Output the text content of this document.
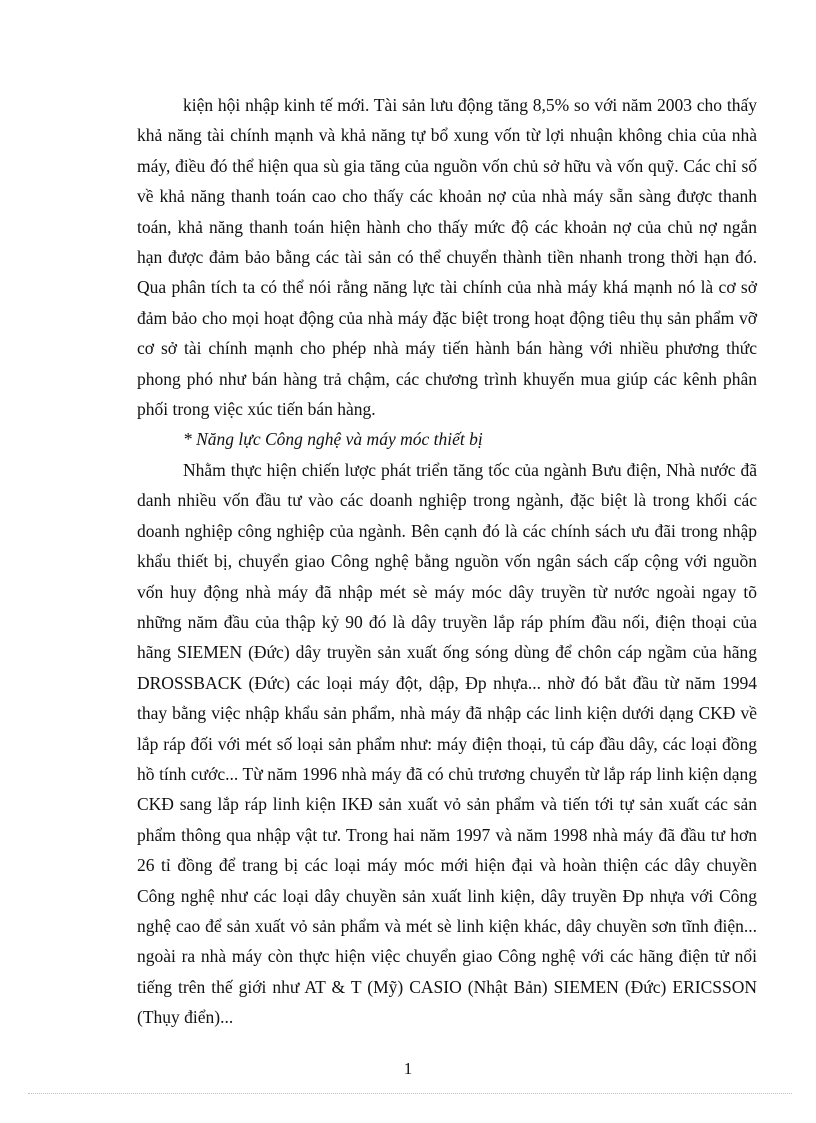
kiện hội nhập kinh tế mới. Tài sản lưu động tăng 8,5% so với năm 2003 cho thấy khả năng tài chính mạnh và khả năng tự bổ xung vốn từ lợi nhuận không chia của nhà máy, điều đó thể hiện qua sù gia tăng của nguồn vốn chủ sở hữu và vốn quỹ. Các chỉ số về khả năng thanh toán cao cho thấy các khoản nợ của nhà máy sẵn sàng được thanh toán, khả năng thanh toán hiện hành cho thấy mức độ các khoản nợ của chủ nợ ngắn hạn được đảm bảo bằng các tài sản có thể chuyển thành tiền nhanh trong thời hạn đó. Qua phân tích ta có thể nói rằng năng lực tài chính của nhà máy khá mạnh nó là cơ sở đảm bảo cho mọi hoạt động của nhà máy đặc biệt trong hoạt động tiêu thụ sản phẩm vỡ cơ sở tài chính mạnh cho phép nhà máy tiến hành bán hàng với nhiều phương thức phong phó như bán hàng trả chậm, các chương trình khuyến mua giúp các kênh phân phối trong việc xúc tiến bán hàng.

* Năng lực Công nghệ và máy móc thiết bị

Nhằm thực hiện chiến lược phát triển tăng tốc của ngành Bưu điện, Nhà nước đã danh nhiều vốn đầu tư vào các doanh nghiệp trong ngành, đặc biệt là trong khối các doanh nghiệp công nghiệp của ngành. Bên cạnh đó là các chính sách ưu đãi trong nhập khẩu thiết bị, chuyển giao Công nghệ bằng nguồn vốn ngân sách cấp cộng với nguồn vốn huy động nhà máy đã nhập mét sè máy móc dây truyền từ nước ngoài ngay tõ những năm đầu của thập kỷ 90 đó là dây truyền lắp ráp phím đầu nối, điện thoại của hãng SIEMEN (Đức) dây truyền sản xuất ống sóng dùng để chôn cáp ngầm của hãng DROSSBACK (Đức) các loại máy đột, dập, Ðp nhựa... nhờ đó bắt đầu từ năm 1994 thay bằng việc nhập khẩu sản phẩm, nhà máy đã nhập các linh kiện dưới dạng CKĐ về lắp ráp đối với mét số loại sản phẩm như: máy điện thoại, tủ cáp đầu dây, các loại đồng hồ tính cước... Từ năm 1996 nhà máy đã có chủ trương chuyển từ lắp ráp linh kiện dạng CKĐ sang lắp ráp linh kiện IKĐ sản xuất vỏ sản phẩm và tiến tới tự sản xuất các sản phẩm thông qua nhập vật tư. Trong hai năm 1997 và năm 1998 nhà máy đã đầu tư hơn 26 tỉ đồng để trang bị các loại máy móc mới hiện đại và hoàn thiện các dây chuyền Công nghệ như các loại dây chuyền sản xuất linh kiện, dây truyền Ðp nhựa với Công nghệ cao để sản xuất vỏ sản phẩm và mét sè linh kiện khác, dây chuyền sơn tĩnh điện... ngoài ra nhà máy còn thực hiện việc chuyển giao Công nghệ với các hãng điện tử nổi tiếng trên thế giới như AT & T (Mỹ) CASIO (Nhật Bản) SIEMEN (Đức) ERICSSON (Thụy điển)...

1
